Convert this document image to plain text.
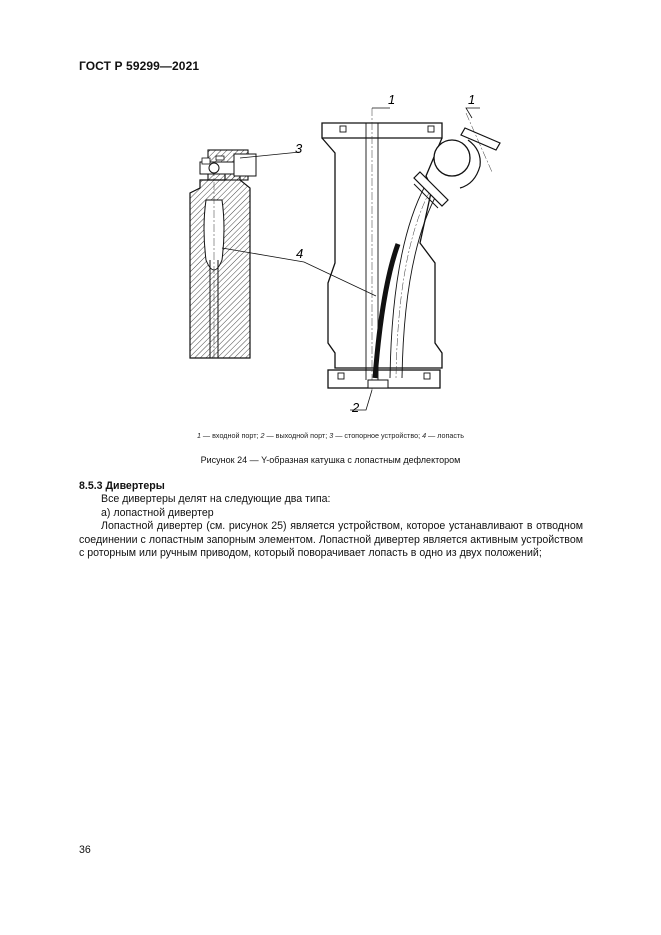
ГОСТ Р 59299—2021
1	1
3
4
2
1 — входной порт; 2 — выходной порт; 3 — стопорное устройство; 4 — лопасть
Рисунок 24 — Y-образная катушка с лопастным дефлектором
8.5.3 Дивертеры

Все дивертеры делят на следующие два типа:

а) лопастной дивертер

Лопастной дивертер (см. рисунок 25) является устройством, которое устанавливают в отводном соединении с лопастным запорным элементом. Лопастной дивертер является активным устройством с роторным или ручным приводом, который поворачивает лопасть в одно из двух положений;

36
